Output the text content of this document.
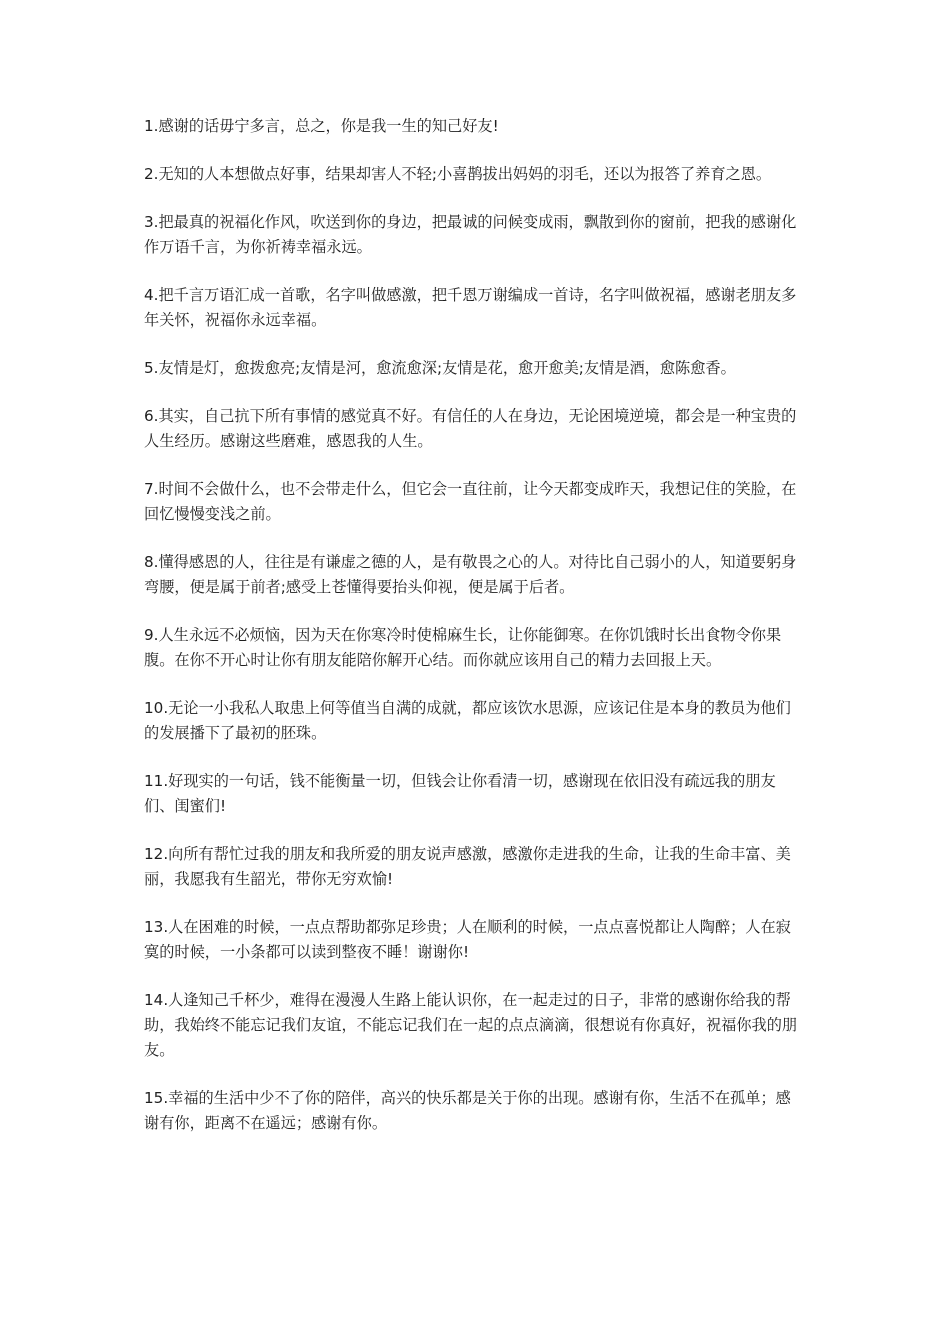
1.感谢的话毋宁多言，总之，你是我一生的知己好友!

2.无知的人本想做点好事，结果却害人不轻;小喜鹊拔出妈妈的羽毛，还以为报答了养育之恩。

3.把最真的祝福化作风，吹送到你的身边，把最诚的问候变成雨，飘散到你的窗前，把我的感谢化作万语千言，为你祈祷幸福永远。

4.把千言万语汇成一首歌，名字叫做感激，把千恩万谢编成一首诗，名字叫做祝福，感谢老朋友多年关怀，祝福你永远幸福。

5.友情是灯，愈拨愈亮;友情是河，愈流愈深;友情是花，愈开愈美;友情是酒，愈陈愈香。

6.其实，自己抗下所有事情的感觉真不好。有信任的人在身边，无论困境逆境，都会是一种宝贵的人生经历。感谢这些磨难，感恩我的人生。

7.时间不会做什么，也不会带走什么，但它会一直往前，让今天都变成昨天，我想记住的笑脸，在回忆慢慢变浅之前。

8.懂得感恩的人，往往是有谦虚之德的人，是有敬畏之心的人。对待比自己弱小的人，知道要躬身弯腰，便是属于前者;感受上苍懂得要抬头仰视，便是属于后者。

9.人生永远不必烦恼，因为天在你寒冷时使棉麻生长，让你能御寒。在你饥饿时长出食物令你果腹。在你不开心时让你有朋友能陪你解开心结。而你就应该用自己的精力去回报上天。

10.无论一小我私人取患上何等值当自满的成就，都应该饮水思源，应该记住是本身的教员为他们的发展播下了最初的胚珠。

11.好现实的一句话，钱不能衡量一切，但钱会让你看清一切，感谢现在依旧没有疏远我的朋友们、闺蜜们!

12.向所有帮忙过我的朋友和我所爱的朋友说声感激，感激你走进我的生命，让我的生命丰富、美丽，我愿我有生韶光，带你无穷欢愉!

13.人在困难的时候，一点点帮助都弥足珍贵；人在顺利的时候，一点点喜悦都让人陶醉；人在寂寞的时候，一小条都可以读到整夜不睡！谢谢你!

14.人逢知己千杯少，难得在漫漫人生路上能认识你，在一起走过的日子，非常的感谢你给我的帮助，我始终不能忘记我们友谊，不能忘记我们在一起的点点滴滴，很想说有你真好，祝福你我的朋友。

15.幸福的生活中少不了你的陪伴，高兴的快乐都是关于你的出现。感谢有你，生活不在孤单；感谢有你，距离不在遥远；感谢有你。
